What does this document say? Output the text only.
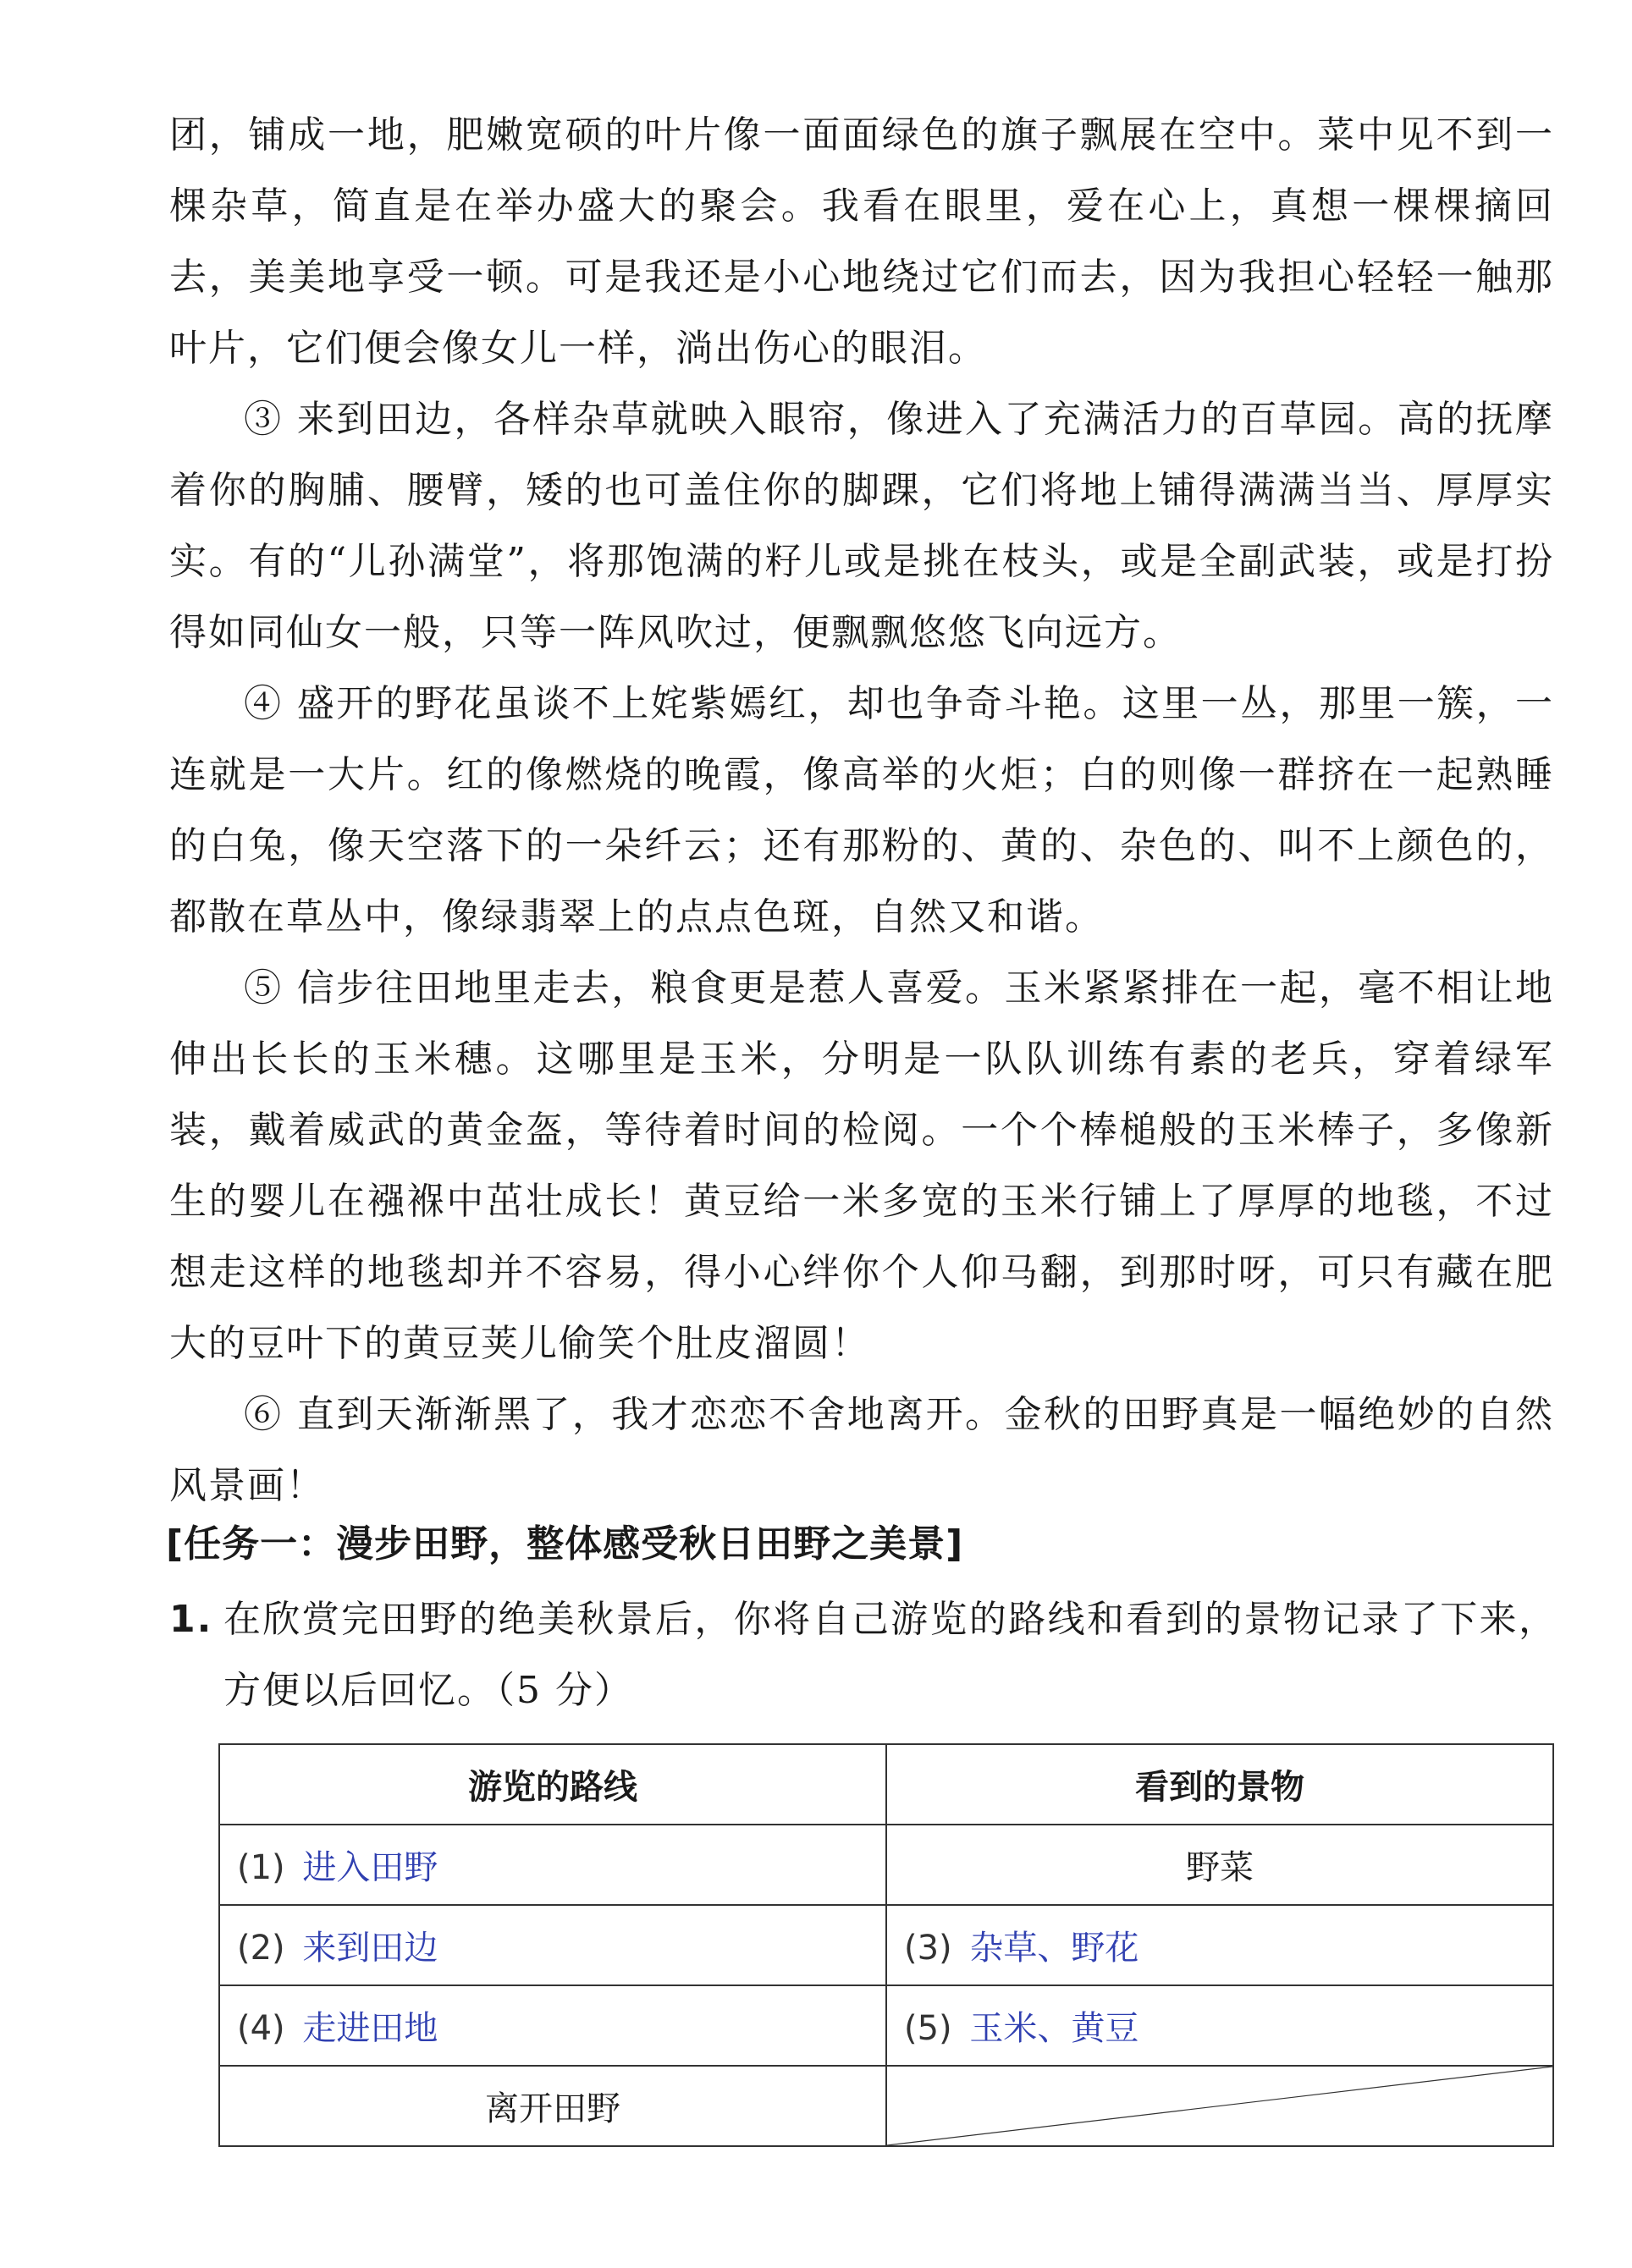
团，铺成一地，肥嫩宽硕的叶片像一面面绿色的旗子飘展在空中。菜中见不到一棵杂草，简直是在举办盛大的聚会。我看在眼里，爱在心上，真想一棵棵摘回去，美美地享受一顿。可是我还是小心地绕过它们而去，因为我担心轻轻一触那叶片，它们便会像女儿一样，淌出伤心的眼泪。

③ 来到田边，各样杂草就映入眼帘，像进入了充满活力的百草园。高的抚摩着你的胸脯、腰臂，矮的也可盖住你的脚踝，它们将地上铺得满满当当、厚厚实实。有的“儿孙满堂”，将那饱满的籽儿或是挑在枝头，或是全副武装，或是打扮得如同仙女一般，只等一阵风吹过，便飘飘悠悠飞向远方。

④ 盛开的野花虽谈不上姹紫嫣红，却也争奇斗艳。这里一丛，那里一簇，一连就是一大片。红的像燃烧的晚霞，像高举的火炬；白的则像一群挤在一起熟睡的白兔，像天空落下的一朵纤云；还有那粉的、黄的、杂色的、叫不上颜色的，都散在草丛中，像绿翡翠上的点点色斑，自然又和谐。

⑤ 信步往田地里走去，粮食更是惹人喜爱。玉米紧紧排在一起，毫不相让地伸出长长的玉米穗。这哪里是玉米，分明是一队队训练有素的老兵，穿着绿军装，戴着威武的黄金盔，等待着时间的检阅。一个个棒槌般的玉米棒子，多像新生的婴儿在襁褓中茁壮成长！黄豆给一米多宽的玉米行铺上了厚厚的地毯，不过想走这样的地毯却并不容易，得小心绊你个人仰马翻，到那时呀，可只有藏在肥大的豆叶下的黄豆荚儿偷笑个肚皮溜圆！

⑥ 直到天渐渐黑了，我才恋恋不舍地离开。金秋的田野真是一幅绝妙的自然风景画！

[任务一：漫步田野，整体感受秋日田野之美景]
1. 在欣赏完田野的绝美秋景后，你将自己游览的路线和看到的景物记录了下来，方便以后回忆。（5 分）
游览的路线	看到的景物
(1) 进入田野	野菜
(2) 来到田边	(3) 杂草、野花
(4) 走进田地	(5) 玉米、黄豆
离开田野	
